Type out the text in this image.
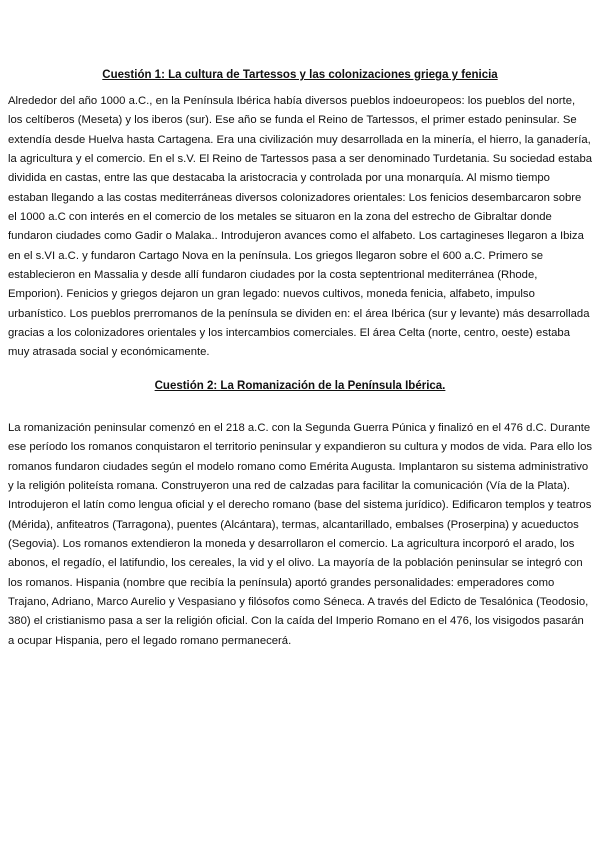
Cuestión 1: La cultura de Tartessos y las colonizaciones griega y fenicia

Alrededor del año 1000 a.C., en la Península Ibérica había diversos pueblos indoeuropeos: los pueblos del norte, los celtíberos (Meseta) y los iberos (sur). Ese año se funda el Reino de Tartessos, el primer estado peninsular. Se extendía desde Huelva hasta Cartagena. Era una civilización muy desarrollada en la minería, el hierro, la ganadería, la agricultura y el comercio. En el s.V. El Reino de Tartessos pasa a ser denominado Turdetania. Su sociedad estaba dividida en castas, entre las que destacaba la aristocracia y controlada por una monarquía. Al mismo tiempo estaban llegando a las costas mediterráneas diversos colonizadores orientales: Los fenicios desembarcaron sobre el 1000 a.C con interés en el comercio de los metales se situaron en la zona del estrecho de Gibraltar donde fundaron ciudades como Gadir o Malaka.. Introdujeron avances como el alfabeto. Los cartagineses llegaron a Ibiza en el s.VI a.C. y fundaron Cartago Nova en la península. Los griegos llegaron sobre el 600 a.C. Primero se establecieron en Massalia y desde allí fundaron ciudades por la costa septentrional mediterránea (Rhode, Emporion). Fenicios y griegos dejaron un gran legado: nuevos cultivos, moneda fenicia, alfabeto, impulso urbanístico. Los pueblos prerromanos de la península se dividen en: el área Ibérica (sur y levante) más desarrollada gracias a los colonizadores orientales y los intercambios comerciales. El área Celta (norte, centro, oeste) estaba muy atrasada social y económicamente.

Cuestión 2: La Romanización de la Península Ibérica.

La romanización peninsular comenzó en el 218 a.C. con la Segunda Guerra Púnica y finalizó en el 476 d.C. Durante ese período los romanos conquistaron el territorio peninsular y expandieron su cultura y modos de vida. Para ello los romanos fundaron ciudades según el modelo romano como Emérita Augusta. Implantaron su sistema administrativo y la religión politeísta romana. Construyeron una red de calzadas para facilitar la comunicación (Vía de la Plata). Introdujeron el latín como lengua oficial y el derecho romano (base del sistema jurídico). Edificaron templos y teatros (Mérida), anfiteatros (Tarragona), puentes (Alcántara), termas, alcantarillado, embalses (Proserpina) y acueductos (Segovia). Los romanos extendieron la moneda y desarrollaron el comercio. La agricultura incorporó el arado, los abonos, el regadío, el latifundio, los cereales, la vid y el olivo. La mayoría de la población peninsular se integró con los romanos. Hispania (nombre que recibía la península) aportó grandes personalidades: emperadores como Trajano, Adriano, Marco Aurelio y Vespasiano y filósofos como Séneca. A través del Edicto de Tesalónica (Teodosio, 380) el cristianismo pasa a ser la religión oficial. Con la caída del Imperio Romano en el 476, los visigodos pasarán a ocupar Hispania, pero el legado romano permanecerá.
